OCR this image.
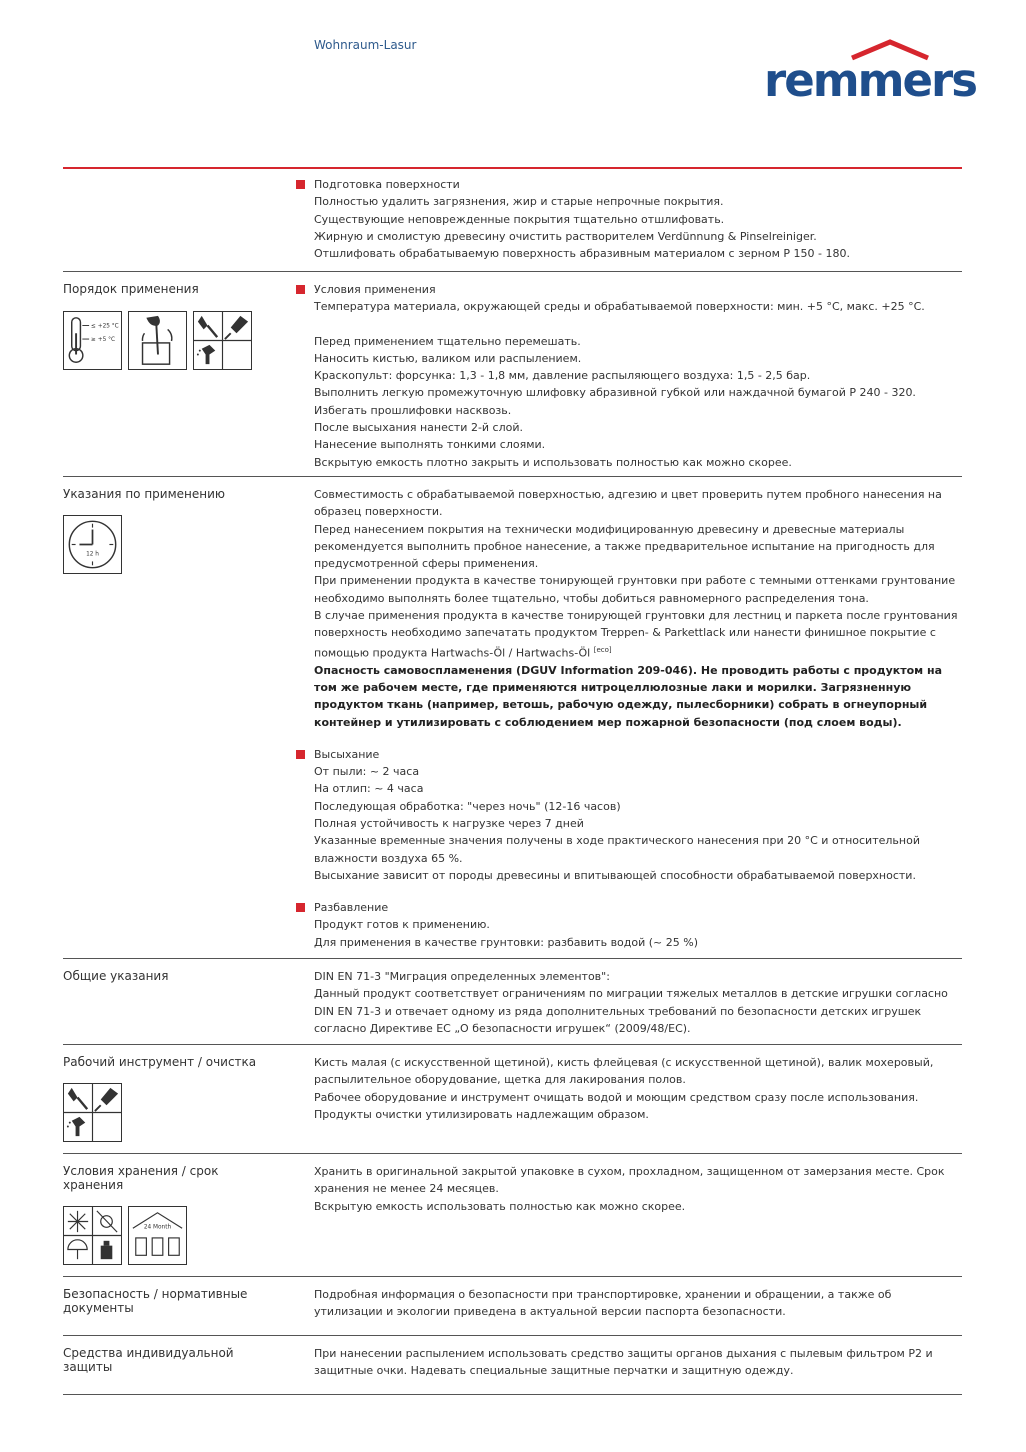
Wohnraum-Lasur
remmers
Подготовка поверхности
Полностью удалить загрязнения, жир и старые непрочные покрытия.
Существующие неповрежденные покрытия тщательно отшлифовать.
Жирную и смолистую древесину очистить растворителем Verdünnung & Pinselreiniger.
Отшлифовать обрабатываемую поверхность абразивным материалом с зерном P 150 - 180.
Порядок применения
≤ +25 °C
≥ +5 °C
Условия применения
Температура материала, окружающей среды и обрабатываемой поверхности: мин. +5 °C, макс. +25 °C.
Перед применением тщательно перемешать.
Наносить кистью, валиком или распылением.
Краскопульт: форсунка: 1,3 - 1,8 мм, давление распыляющего воздуха: 1,5 - 2,5 бар.
Выполнить легкую промежуточную шлифовку абразивной губкой или наждачной бумагой P 240 - 320.
Избегать прошлифовки насквозь.
После высыхания нанести 2-й слой.
Нанесение выполнять тонкими слоями.
Вскрытую емкость плотно закрыть и использовать полностью как можно скорее.
Указания по применению
12 h
Совместимость с обрабатываемой поверхностью, адгезию и цвет проверить путем пробного нанесения на образец поверхности.
Перед нанесением покрытия на технически модифицированную древесину и древесные материалы рекомендуется выполнить пробное нанесение, а также предварительное испытание на пригодность для предусмотренной сферы применения.
При применении продукта в качестве тонирующей грунтовки при работе с темными оттенками грунтование необходимо выполнять более тщательно, чтобы добиться равномерного распределения тона.
В случае применения продукта в качестве тонирующей грунтовки для лестниц и паркета после грунтования поверхность необходимо запечатать продуктом Treppen- & Parkettlack или нанести финишное покрытие с помощью продукта Hartwachs-Öl / Hartwachs-Öl [eco]
Опасность самовоспламенения (DGUV Information 209-046). Не проводить работы с продуктом на том же рабочем месте, где применяются нитроцеллюлозные лаки и морилки. Загрязненную продуктом ткань (например, ветошь, рабочую одежду, пылесборники) собрать в огнеупорный контейнер и утилизировать с соблюдением мер пожарной безопасности (под слоем воды).
Высыхание
От пыли: ~ 2 часа
На отлип: ~ 4 часа
Последующая обработка: "через ночь" (12-16 часов)
Полная устойчивость к нагрузке через 7 дней
Указанные временные значения получены в ходе практического нанесения при 20 °C и относительной влажности воздуха 65 %.
Высыхание зависит от породы древесины и впитывающей способности обрабатываемой поверхности.
Разбавление
Продукт готов к применению.
Для применения в качестве грунтовки: разбавить водой (~ 25 %)
Общие указания	DIN EN 71-3 "Миграция определенных элементов":
Данный продукт соответствует ограничениям по миграции тяжелых металлов в детские игрушки согласно DIN EN 71-3 и отвечает одному из ряда дополнительных требований по безопасности детских игрушек согласно Директиве ЕС „О безопасности игрушек“ (2009/48/EC).
Рабочий инструмент / очистка	Кисть малая (с искусственной щетиной), кисть флейцевая (с искусственной щетиной), валик мохеровый, распылительное оборудование, щетка для лакирования полов.
Рабочее оборудование и инструмент очищать водой и моющим средством сразу после использования.
Продукты очистки утилизировать надлежащим образом.
Условия хранения / срок хранения
24 Month
Хранить в оригинальной закрытой упаковке в сухом, прохладном, защищенном от замерзания месте. Срок хранения не менее 24 месяцев.
Вскрытую емкость использовать полностью как можно скорее.
Безопасность / нормативные документы
Подробная информация о безопасности при транспортировке, хранении и обращении, а также об утилизации и экологии приведена в актуальной версии паспорта безопасности.
Средства индивидуальной защиты
При нанесении распылением использовать средство защиты органов дыхания с пылевым фильтром P2 и защитные очки. Надевать специальные защитные перчатки и защитную одежду.
